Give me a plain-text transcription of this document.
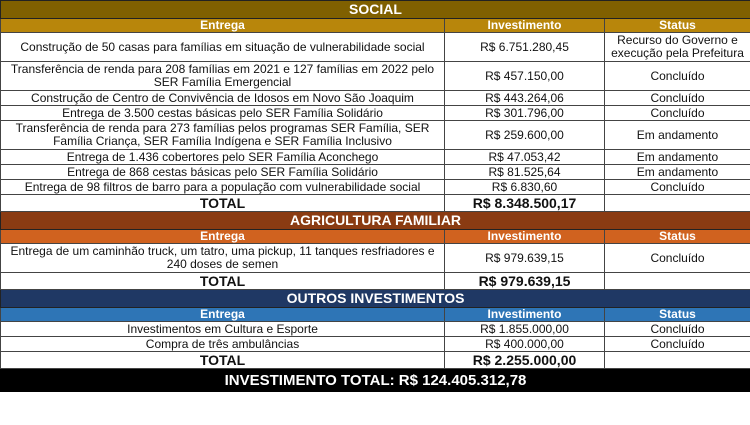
SOCIAL		
Entrega	Investimento	Status
Construção de 50 casas para famílias em situação de vulnerabilidade social	R$ 6.751.280,45	Recurso do Governo e execução pela Prefeitura
Transferência de renda para 208 famílias em 2021 e 127 famílias em 2022 pelo SER Família Emergencial	R$ 457.150,00	Concluído
Construção de Centro de Convivência de Idosos em Novo São Joaquim	R$ 443.264,06	Concluído
Entrega de 3.500 cestas básicas pelo SER Família Solidário	R$ 301.796,00	Concluído
Transferência de renda para 273 famílias pelos programas SER Família, SER Família Criança, SER Família Indígena e SER Família Inclusivo	R$ 259.600,00	Em andamento
Entrega de 1.436 cobertores pelo SER Família Aconchego	R$ 47.053,42	Em andamento
Entrega de 868 cestas básicas pelo SER Família Solidário	R$ 81.525,64	Em andamento
Entrega de 98 filtros de barro para a população com vulnerabilidade social	R$ 6.830,60	Concluído
TOTAL	R$ 8.348.500,17	
AGRICULTURA FAMILIAR		
Entrega	Investimento	Status
Entrega de um caminhão truck, um tatro, uma pickup, 11 tanques resfriadores e 240 doses de semen	R$ 979.639,15	Concluído
TOTAL	R$ 979.639,15	
OUTROS INVESTIMENTOS		
Entrega	Investimento	Status
Investimentos em Cultura e Esporte	R$ 1.855.000,00	Concluído
Compra de três ambulâncias	R$ 400.000,00	Concluído
TOTAL	R$ 2.255.000,00	
INVESTIMENTO TOTAL: R$ 124.405.312,78		
